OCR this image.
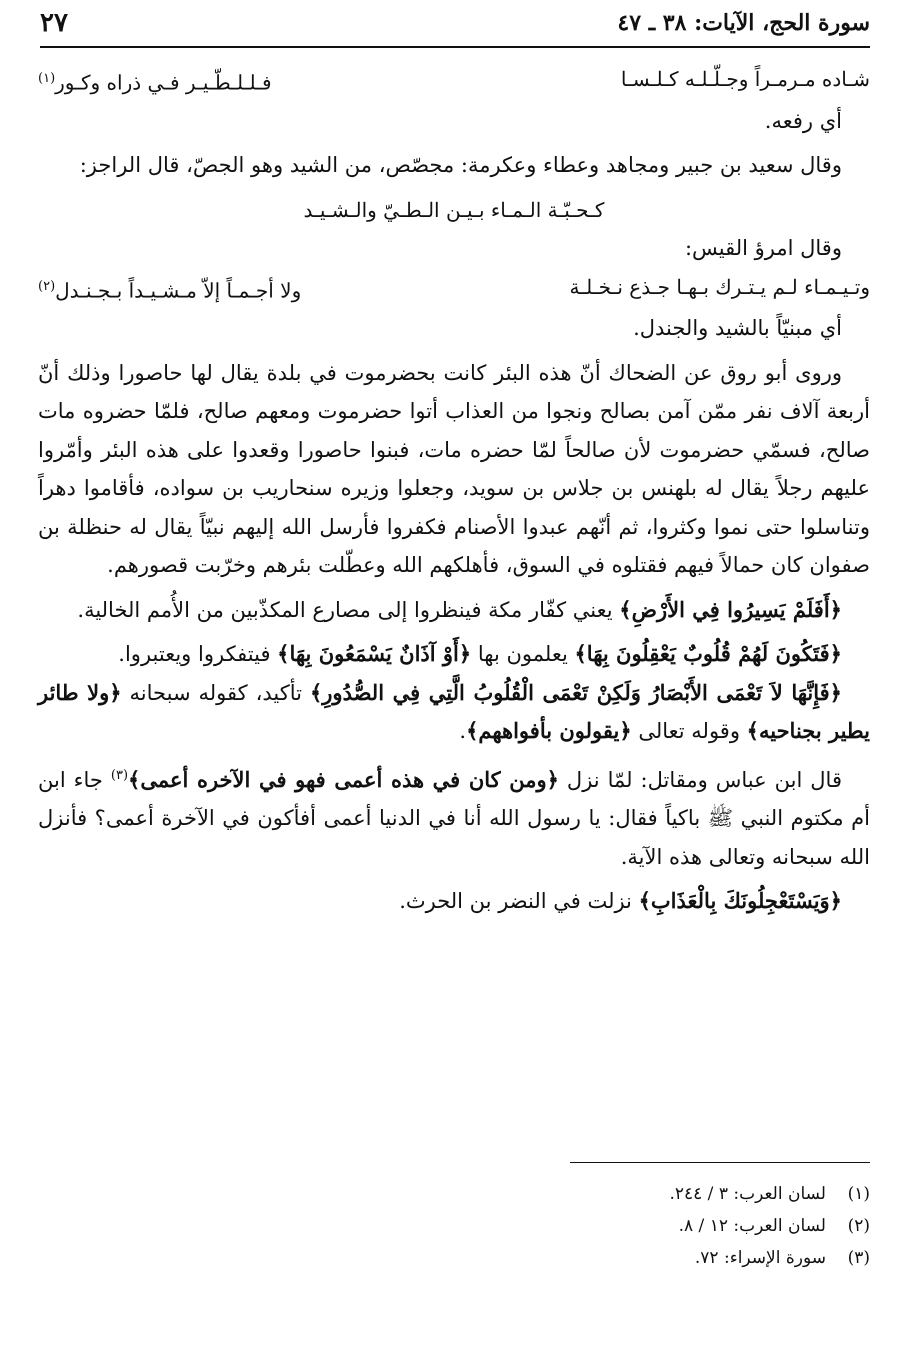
سورة الحج، الآيات: ٣٨ ـ ٤٧
٢٧
شـاده مـرمـراً وجـلّـلـه كـلـسـا
فـلـلـطّـيـر فـي ذراه وكـور$^{(١)}$

أي رفعه.

وقال سعيد بن جبير ومجاهد وعطاء وعكرمة: مجصّص، من الشيد وهو الجصّ، قال الراجز:

كـحـبّـة الـمـاء بـيـن الـطـيّ والـشـيـد

وقال امرؤ القيس:

وتـيـمـاء لـم يـتـرك بـهـا جـذع نـخـلـة
ولا أجـمـاً إلاّ مـشـيـداً بـجـنـدل$^{(٢)}$

أي مبنيّاً بالشيد والجندل.

وروى أبو روق عن الضحاك أنّ هذه البئر كانت بحضرموت في بلدة يقال لها حاصورا وذلك أنّ أربعة آلاف نفر ممّن آمن بصالح ونجوا من العذاب أتوا حضرموت ومعهم صالح، فلمّا حضروه مات صالح، فسمّي حضرموت لأن صالحاً لمّا حضره مات، فبنوا حاصورا وقعدوا على هذه البئر وأمّروا عليهم رجلاً يقال له بلهنس بن جلاس بن سويد، وجعلوا وزيره سنحاريب بن سواده، فأقاموا دهراً وتناسلوا حتى نموا وكثروا، ثم أنّهم عبدوا الأصنام فكفروا فأرسل الله إليهم نبيّاً يقال له حنظلة بن صفوان كان حمالاً فيهم فقتلوه في السوق، فأهلكهم الله وعطّلت بئرهم وخرّبت قصورهم.

﴿أَفَلَمْ يَسِيرُوا فِي الأَرْضِ﴾ يعني كفّار مكة فينظروا إلى مصارع المكذّبين من الأُمم الخالية.

﴿فَتَكُونَ لَهُمْ قُلُوبٌ يَعْقِلُونَ بِهَا﴾ يعلمون بها ﴿أَوْ آذَانٌ يَسْمَعُونَ بِهَا﴾ فيتفكروا ويعتبروا.

﴿فَإِنَّهَا لاَ تَعْمَى الأَبْصَارُ وَلَكِنْ تَعْمَى الْقُلُوبُ الَّتِي فِي الصُّدُورِ﴾ تأكيد، كقوله سبحانه ﴿ولا طائر يطير بجناحيه﴾ وقوله تعالى ﴿يقولون بأفواههم﴾.

قال ابن عباس ومقاتل: لمّا نزل ﴿ومن كان في هذه أعمى فهو في الآخره أعمى﴾$^{(٣)}$ جاء ابن أم مكتوم النبي ﷺ باكياً فقال: يا رسول الله أنا في الدنيا أعمى أفأكون في الآخرة أعمى؟ فأنزل الله سبحانه وتعالى هذه الآية.

﴿وَيَسْتَعْجِلُونَكَ بِالْعَذَابِ﴾ نزلت في النضر بن الحرث.

(١)
لسان العرب: ٣ / ٢٤٤.
(٢)
لسان العرب: ١٢ / ٨.
(٣)
سورة الإسراء: ٧٢.
